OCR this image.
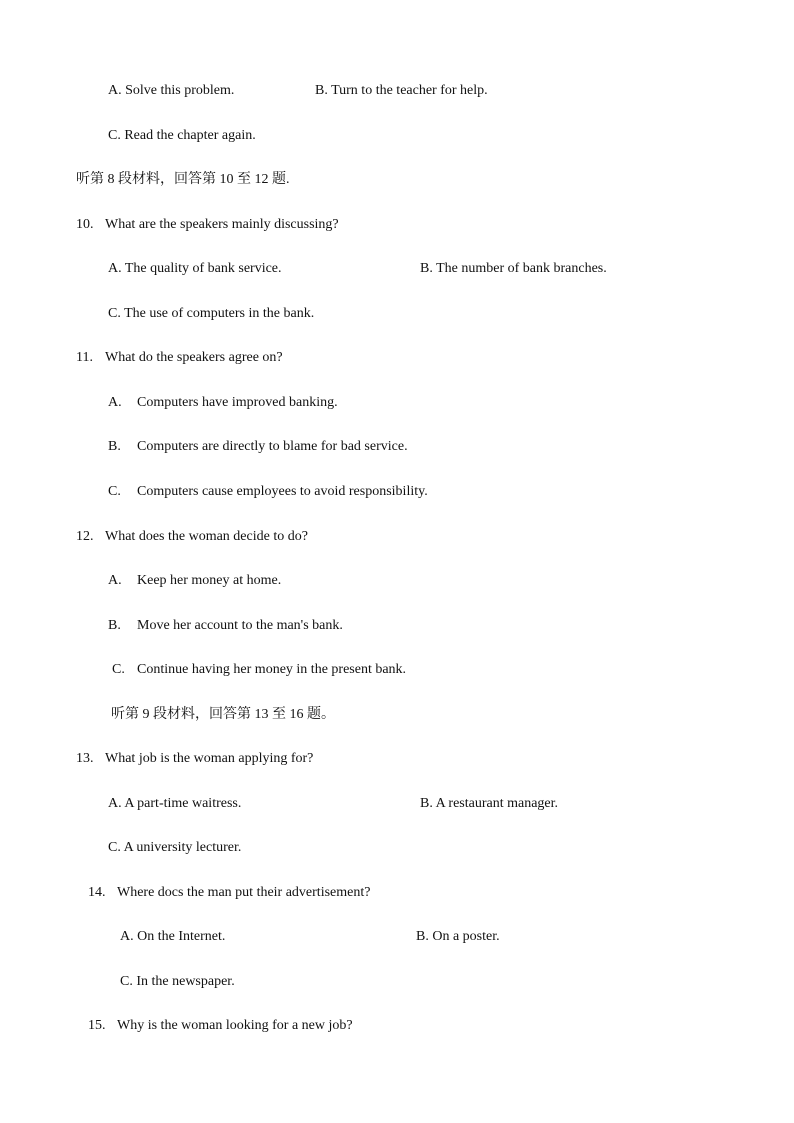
A. Solve this problem.	B. Turn to the teacher for help.
C. Read the chapter again.
听第 8 段材料，回答第 10 至 12 题.
10. What are the speakers mainly discussing?
A. The quality of bank service.	B. The number of bank branches.
C. The use of computers in the bank.
11. What do the speakers agree on?
A. Computers have improved banking.
B. Computers are directly to blame for bad service.
C. Computers cause employees to avoid responsibility.
12. What does the woman decide to do?
A. Keep her money at home.
B. Move her account to the man's bank.
C. Continue having her money in the present bank.
听第 9 段材料，回答第 13 至 16 题。
13. What job is the woman applying for?
A. A part-time waitress.	B. A restaurant manager.
C. A university lecturer.
14. Where docs the man put their advertisement?
A. On the Internet.	B. On a poster.
C. In the newspaper.
15. Why is the woman looking for a new job?
